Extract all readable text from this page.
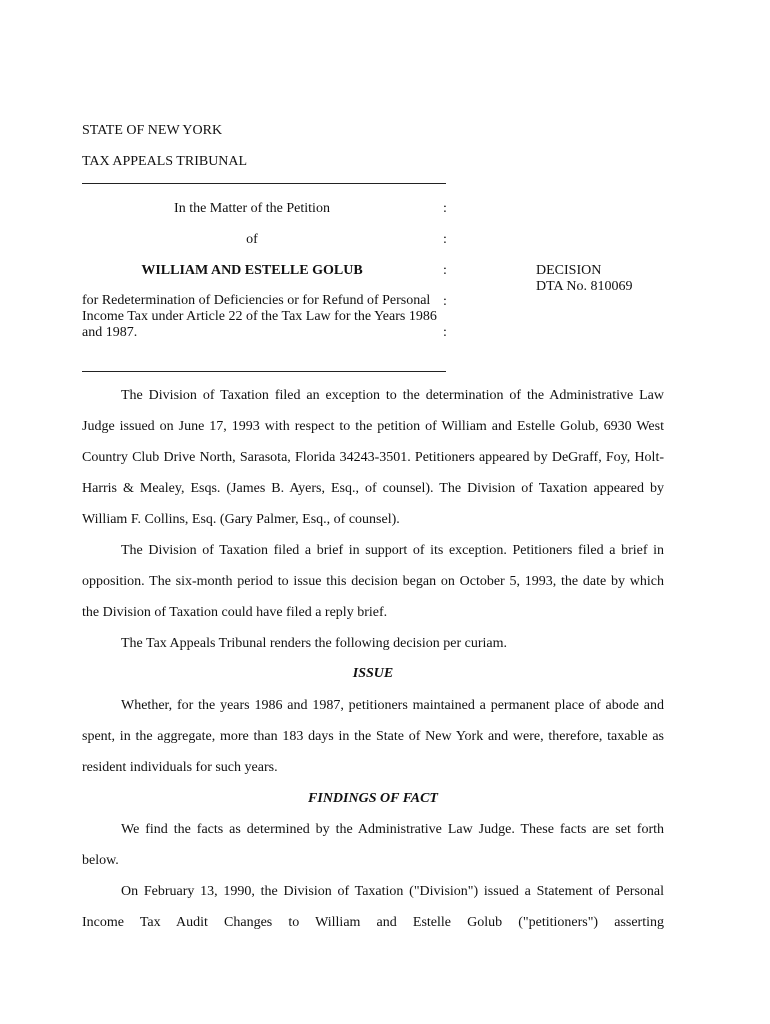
STATE OF NEW YORK
TAX APPEALS TRIBUNAL
In the Matter of the Petition
of
WILLIAM AND ESTELLE GOLUB
for Redetermination of Deficiencies or for Refund of Personal Income Tax under Article 22 of the Tax Law for the Years 1986 and 1987.
:
:
:
:
:
DECISION
DTA No. 810069

The Division of Taxation filed an exception to the determination of the Administrative Law Judge issued on June 17, 1993 with respect to the petition of William and Estelle Golub, 6930 West Country Club Drive North, Sarasota, Florida 34243-3501. Petitioners appeared by DeGraff, Foy, Holt-Harris & Mealey, Esqs. (James B. Ayers, Esq., of counsel). The Division of Taxation appeared by William F. Collins, Esq. (Gary Palmer, Esq., of counsel).

The Division of Taxation filed a brief in support of its exception. Petitioners filed a brief in opposition. The six-month period to issue this decision began on October 5, 1993, the date by which the Division of Taxation could have filed a reply brief.

The Tax Appeals Tribunal renders the following decision per curiam.

ISSUE

Whether, for the years 1986 and 1987, petitioners maintained a permanent place of abode and spent, in the aggregate, more than 183 days in the State of New York and were, therefore, taxable as resident individuals for such years.

FINDINGS OF FACT

We find the facts as determined by the Administrative Law Judge. These facts are set forth below.

On February 13, 1990, the Division of Taxation ("Division") issued a Statement of Personal Income Tax Audit Changes to William and Estelle Golub ("petitioners") asserting
